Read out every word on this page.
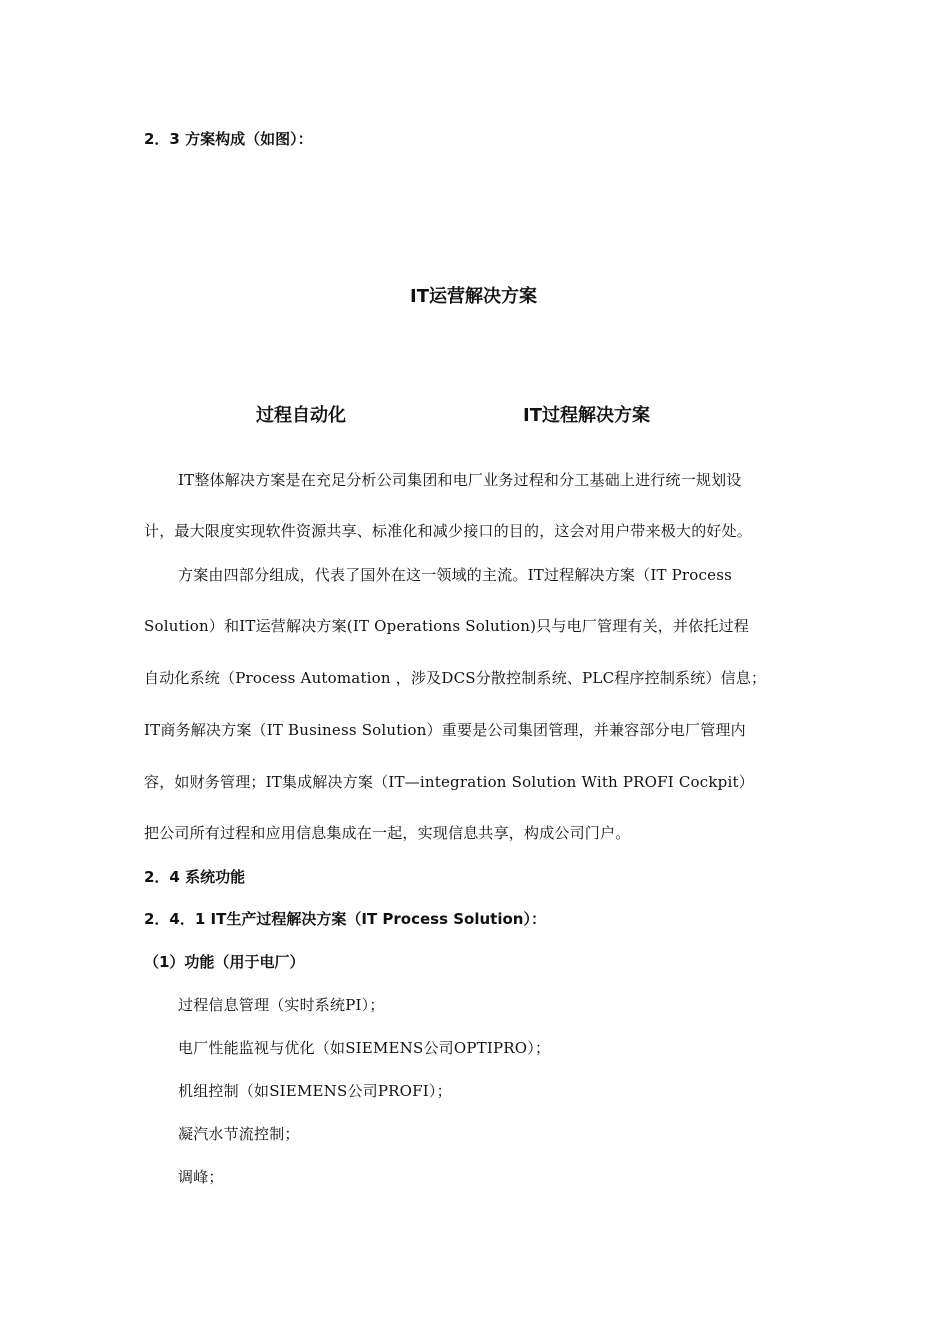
2．3 方案构成（如图）：
IT运营解决方案
过程自动化	IT过程解决方案
IT整体解决方案是在充足分析公司集团和电厂业务过程和分工基础上进行统一规划设
计，最大限度实现软件资源共享、标准化和减少接口的目的，这会对用户带来极大的好处。
方案由四部分组成，代表了国外在这一领域的主流。IT过程解决方案（IT Process
Solution）和IT运营解决方案(IT Operations Solution)只与电厂管理有关，并依托过程
自动化系统（Process Automation ，涉及DCS分散控制系统、PLC程序控制系统）信息；
IT商务解决方案（IT Business Solution）重要是公司集团管理，并兼容部分电厂管理内
容，如财务管理；IT集成解决方案（IT—integration Solution With PROFI Cockpit）
把公司所有过程和应用信息集成在一起，实现信息共享，构成公司门户。
2．4 系统功能
2．4．1 IT生产过程解决方案（IT Process Solution）：
（1）功能（用于电厂）
过程信息管理（实时系统PI）；
电厂性能监视与优化（如SIEMENS公司OPTIPRO）；
机组控制（如SIEMENS公司PROFI）；
凝汽水节流控制；
调峰；
